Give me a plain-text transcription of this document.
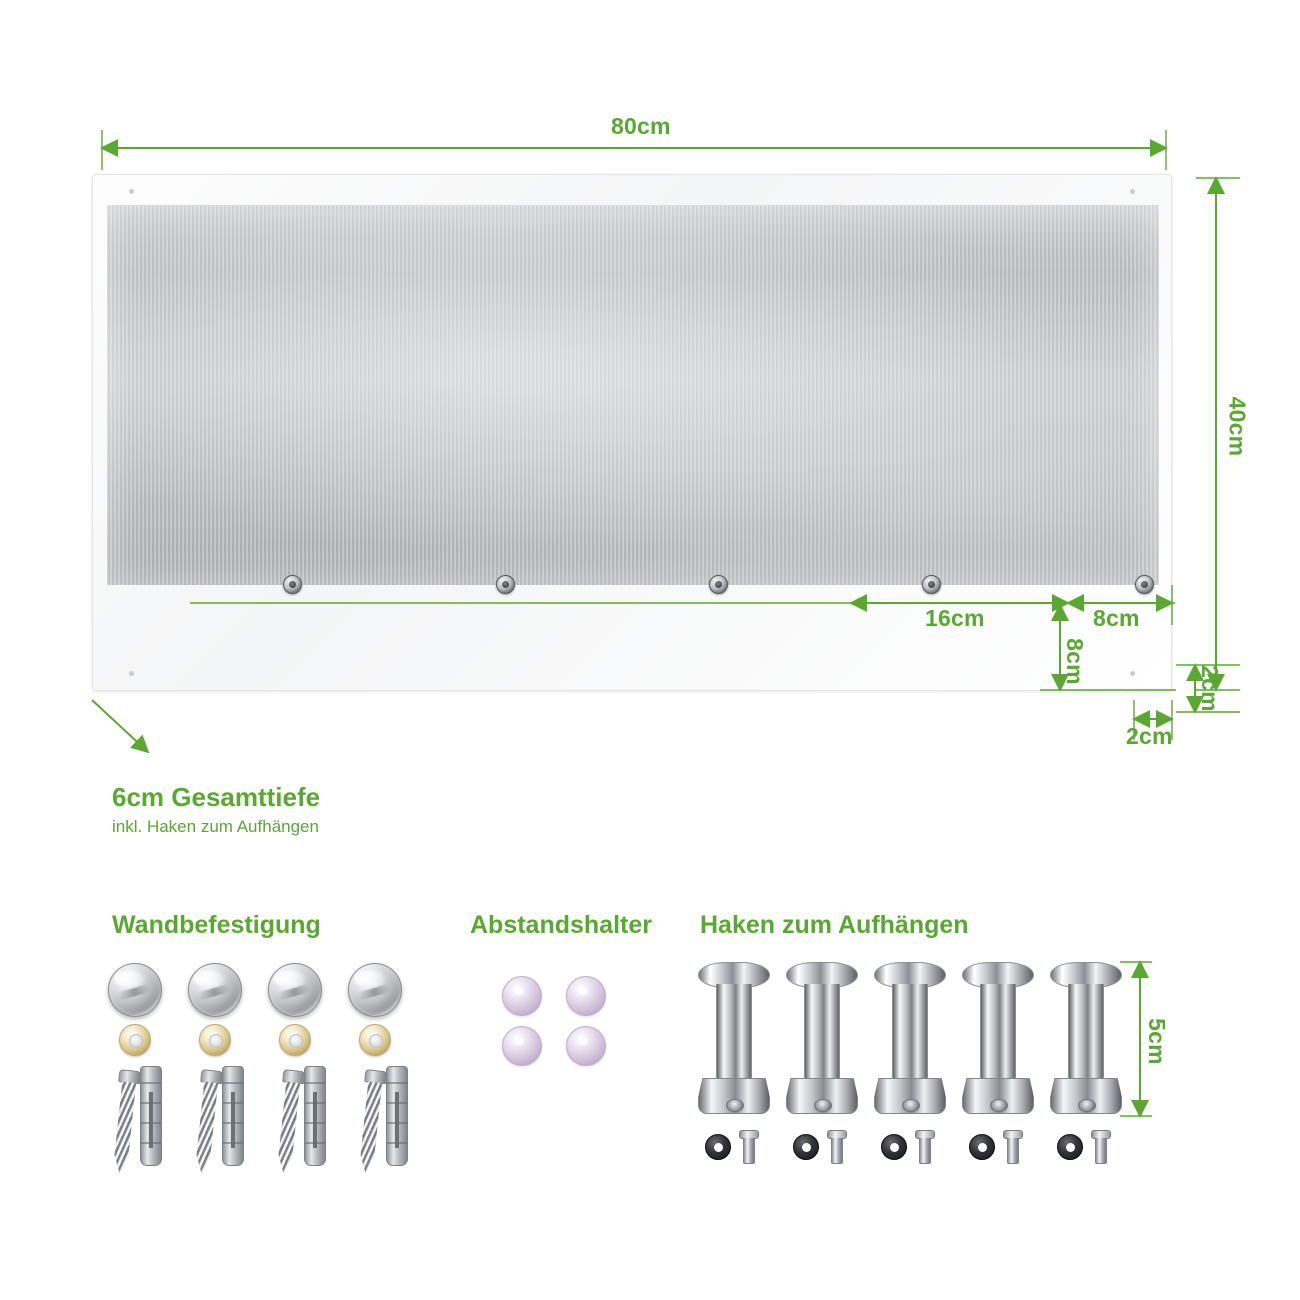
80cm
40cm
16cm	8cm
8cm
2cm
2cm
6cm Gesamttiefe
inkl. Haken zum Aufhängen
5cm
Wandbefestigung	Abstandshalter Haken zum Aufhängen
